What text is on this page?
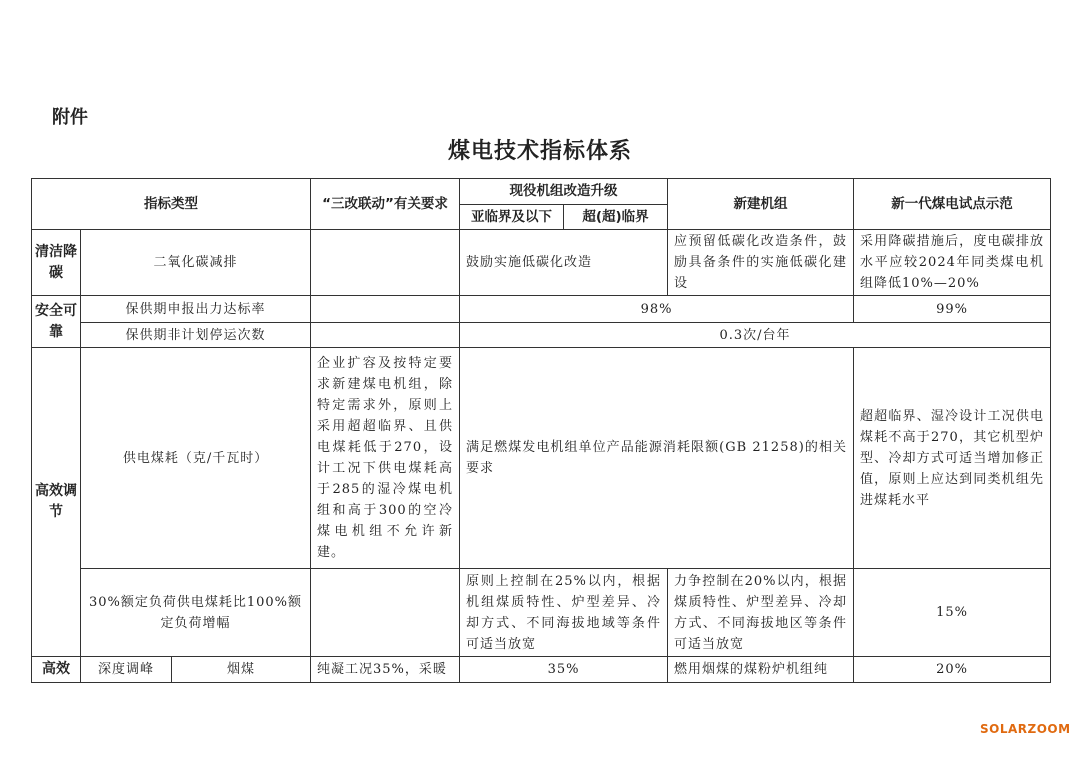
附件
煤电技术指标体系
指标类型			“三改联动”有关要求	现役机组改造升级		新建机组	新一代煤电试点示范
				亚临界及以下	超(超)临界		
清洁降碳	二氧化碳减排			鼓励实施低碳化改造		应预留低碳化改造条件，鼓励具备条件的实施低碳化建设	采用降碳措施后，度电碳排放水平应较2024年同类煤电机组降低10%—20%
安全可靠	保供期申报出力达标率			98%			99%
	保供期非计划停运次数			0.3次/台年			
高效调节	供电煤耗（克/千瓦时）		企业扩容及按特定要求新建煤电机组，除特定需求外，原则上采用超超临界、且供电煤耗低于270，设计工况下供电煤耗高于285的湿冷煤电机组和高于300的空冷煤电机组不允许新建。	满足燃煤发电机组单位产品能源消耗限额(GB 21258)的相关要求			超超临界、湿冷设计工况供电煤耗不高于270，其它机型炉型、冷却方式可适当增加修正值，原则上应达到同类机组先进煤耗水平
	30%额定负荷供电煤耗比100%额定负荷增幅			原则上控制在25%以内，根据机组煤质特性、炉型差异、冷却方式、不同海拔地域等条件可适当放宽		力争控制在20%以内，根据煤质特性、炉型差异、冷却方式、不同海拔地区等条件可适当放宽	15%
高效	深度调峰	烟煤	纯凝工况35%，采暖	35%		燃用烟煤的煤粉炉机组纯	20%
SOLARZOOM
